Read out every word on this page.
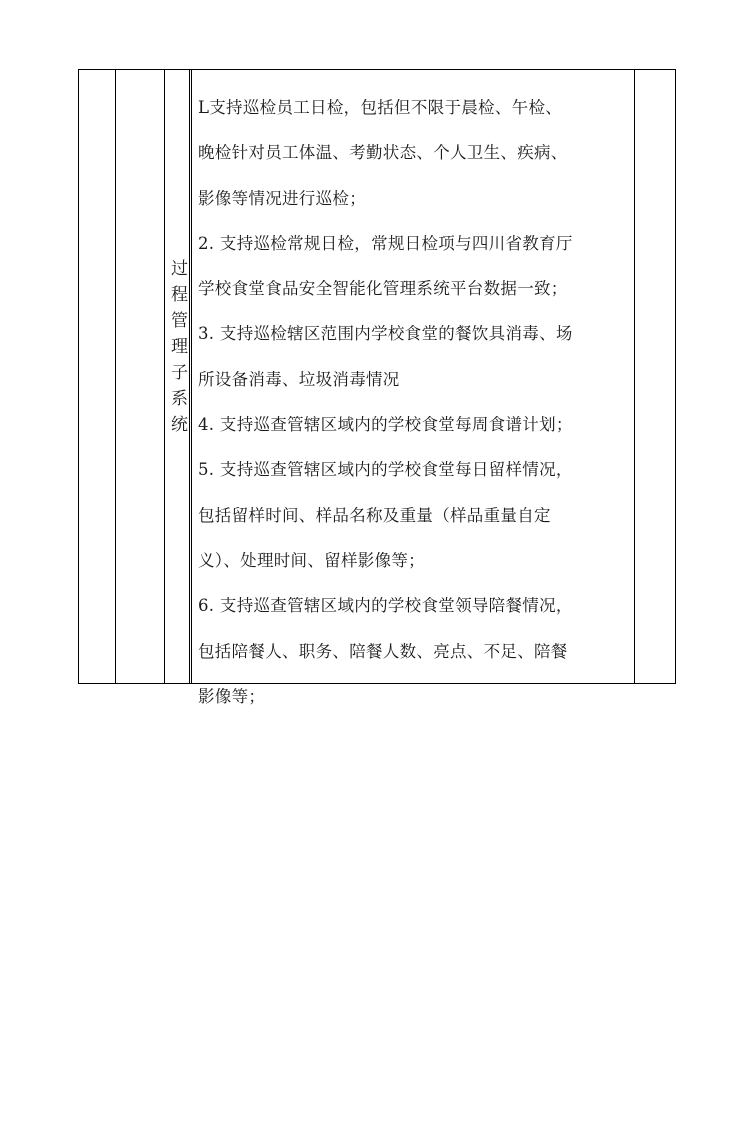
过
程
管
理
子
系
统

L支持巡检员工日检，包括但不限于晨检、午检、

晚检针对员工体温、考勤状态、个人卫生、疾病、

影像等情况进行巡检；

2. 支持巡检常规日检，常规日检项与四川省教育厅

学校食堂食品安全智能化管理系统平台数据一致；

3. 支持巡检辖区范围内学校食堂的餐饮具消毒、场

所设备消毒、垃圾消毒情况

4. 支持巡查管辖区域内的学校食堂每周食谱计划；

5. 支持巡查管辖区域内的学校食堂每日留样情况，

包括留样时间、样品名称及重量（样品重量自定

义）、处理时间、留样影像等；

6. 支持巡查管辖区域内的学校食堂领导陪餐情况，

包括陪餐人、职务、陪餐人数、亮点、不足、陪餐

影像等；
